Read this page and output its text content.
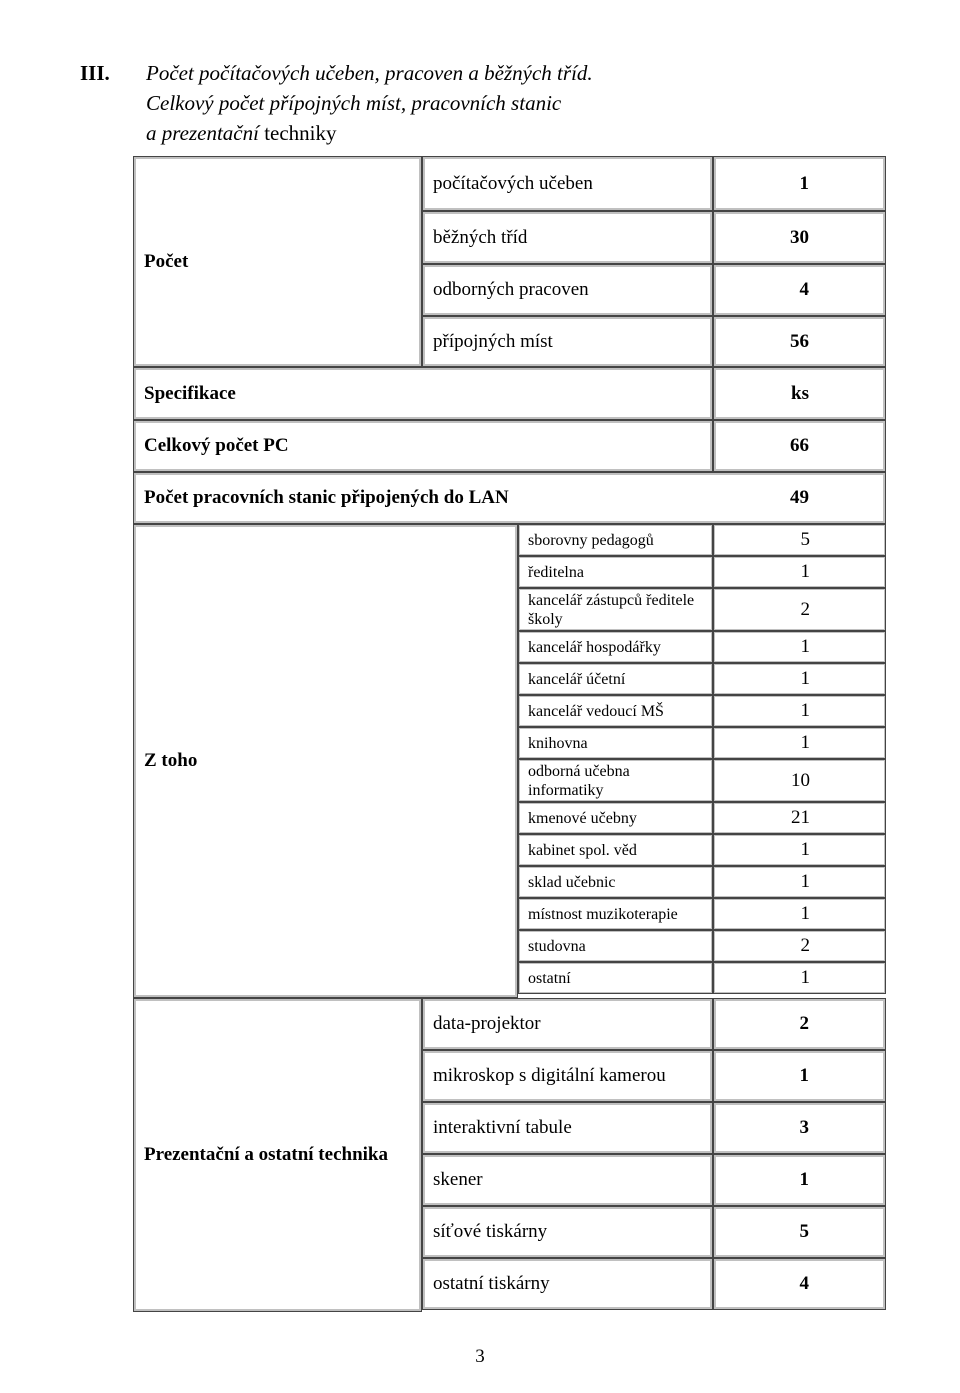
III. Počet počítačových učeben, pracoven a běžných tříd.
Celkový počet přípojných míst, pracovních stanic
a prezentační techniky
Počet
počítačových učeben	1
běžných tříd	30
odborných pracoven	4
přípojných míst	56
Specifikace	ks
Celkový počet PC	66
Počet pracovních stanic připojených do LAN	49
Z toho
sborovny pedagogů	5
ředitelna	1
kancelář zástupců ředitele školy	2
kancelář hospodářky	1
kancelář účetní	1
kancelář vedoucí MŠ	1
knihovna	1
odborná učebna informatiky	10
kmenové učebny	21
kabinet spol. věd	1
sklad učebnic	1
místnost muzikoterapie	1
studovna	2
ostatní	1
Prezentační a ostatní technika
data-projektor	2
mikroskop s digitální kamerou	1
interaktivní tabule	3
skener	1
síťové tiskárny	5
ostatní tiskárny	4
3
